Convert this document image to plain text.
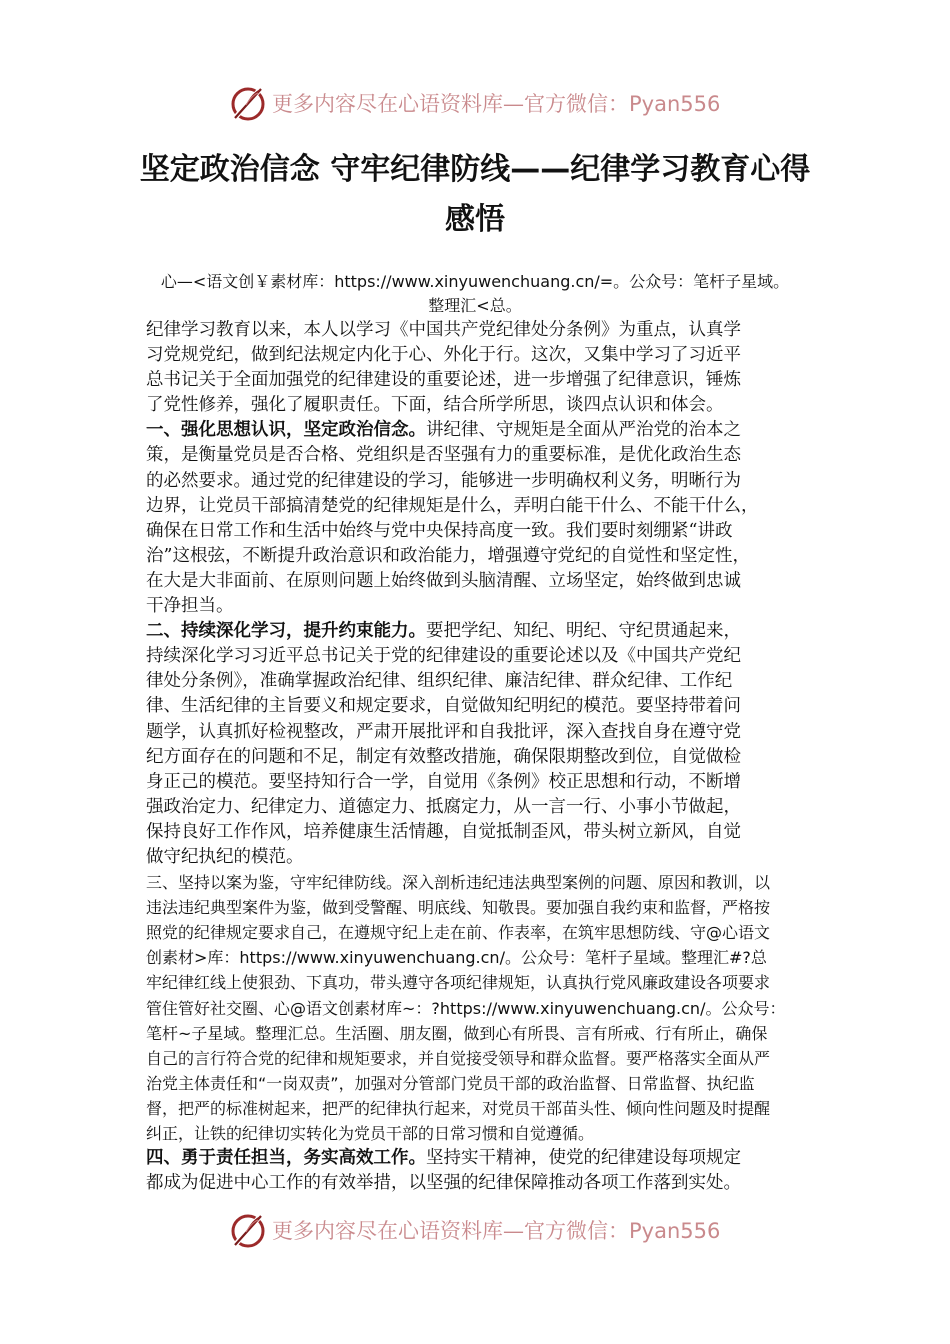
更多内容尽在心语资料库—官方微信：Pyan556
坚定政治信念 守牢纪律防线——纪律学习教育心得
感悟
心—<语文创￥素材库：https://www.xinyuwenchuang.cn/=。公众号：笔杆子星域。
整理汇<总。
纪律学习教育以来，本人以学习《中国共产党纪律处分条例》为重点，认真学
习党规党纪，做到纪法规定内化于心、外化于行。这次，又集中学习了习近平
总书记关于全面加强党的纪律建设的重要论述，进一步增强了纪律意识，锤炼
了党性修养，强化了履职责任。下面，结合所学所思，谈四点认识和体会。
一、强化思想认识，坚定政治信念。讲纪律、守规矩是全面从严治党的治本之
策，是衡量党员是否合格、党组织是否坚强有力的重要标准，是优化政治生态
的必然要求。通过党的纪律建设的学习，能够进一步明确权利义务，明晰行为
边界，让党员干部搞清楚党的纪律规矩是什么，弄明白能干什么、不能干什么，
确保在日常工作和生活中始终与党中央保持高度一致。我们要时刻绷紧“讲政
治”这根弦，不断提升政治意识和政治能力，增强遵守党纪的自觉性和坚定性，
在大是大非面前、在原则问题上始终做到头脑清醒、立场坚定，始终做到忠诚
干净担当。
二、持续深化学习，提升约束能力。要把学纪、知纪、明纪、守纪贯通起来，
持续深化学习习近平总书记关于党的纪律建设的重要论述以及《中国共产党纪
律处分条例》，准确掌握政治纪律、组织纪律、廉洁纪律、群众纪律、工作纪
律、生活纪律的主旨要义和规定要求，自觉做知纪明纪的模范。要坚持带着问
题学，认真抓好检视整改，严肃开展批评和自我批评，深入查找自身在遵守党
纪方面存在的问题和不足，制定有效整改措施，确保限期整改到位，自觉做检
身正己的模范。要坚持知行合一学，自觉用《条例》校正思想和行动，不断增
强政治定力、纪律定力、道德定力、抵腐定力，从一言一行、小事小节做起，
保持良好工作作风，培养健康生活情趣，自觉抵制歪风，带头树立新风，自觉
做守纪执纪的模范。
三、坚持以案为鉴，守牢纪律防线。深入剖析违纪违法典型案例的问题、原因和教训，以
违法违纪典型案件为鉴，做到受警醒、明底线、知敬畏。要加强自我约束和监督，严格按
照党的纪律规定要求自己，在遵规守纪上走在前、作表率，在筑牢思想防线、守@心语文
创素材>库：https://www.xinyuwenchuang.cn/。公众号：笔杆子星域。整理汇#?总
牢纪律红线上使狠劲、下真功，带头遵守各项纪律规矩，认真执行党风廉政建设各项要求
管住管好社交圈、心@语文创素材库~：?https://www.xinyuwenchuang.cn/。公众号：
笔杆~子星域。整理汇总。生活圈、朋友圈，做到心有所畏、言有所戒、行有所止，确保
自己的言行符合党的纪律和规矩要求，并自觉接受领导和群众监督。要严格落实全面从严
治党主体责任和“一岗双责”，加强对分管部门党员干部的政治监督、日常监督、执纪监
督，把严的标准树起来，把严的纪律执行起来，对党员干部苗头性、倾向性问题及时提醒
纠正，让铁的纪律切实转化为党员干部的日常习惯和自觉遵循。
四、勇于责任担当，务实高效工作。坚持实干精神，使党的纪律建设每项规定
都成为促进中心工作的有效举措，以坚强的纪律保障推动各项工作落到实处。
更多内容尽在心语资料库—官方微信：Pyan556
